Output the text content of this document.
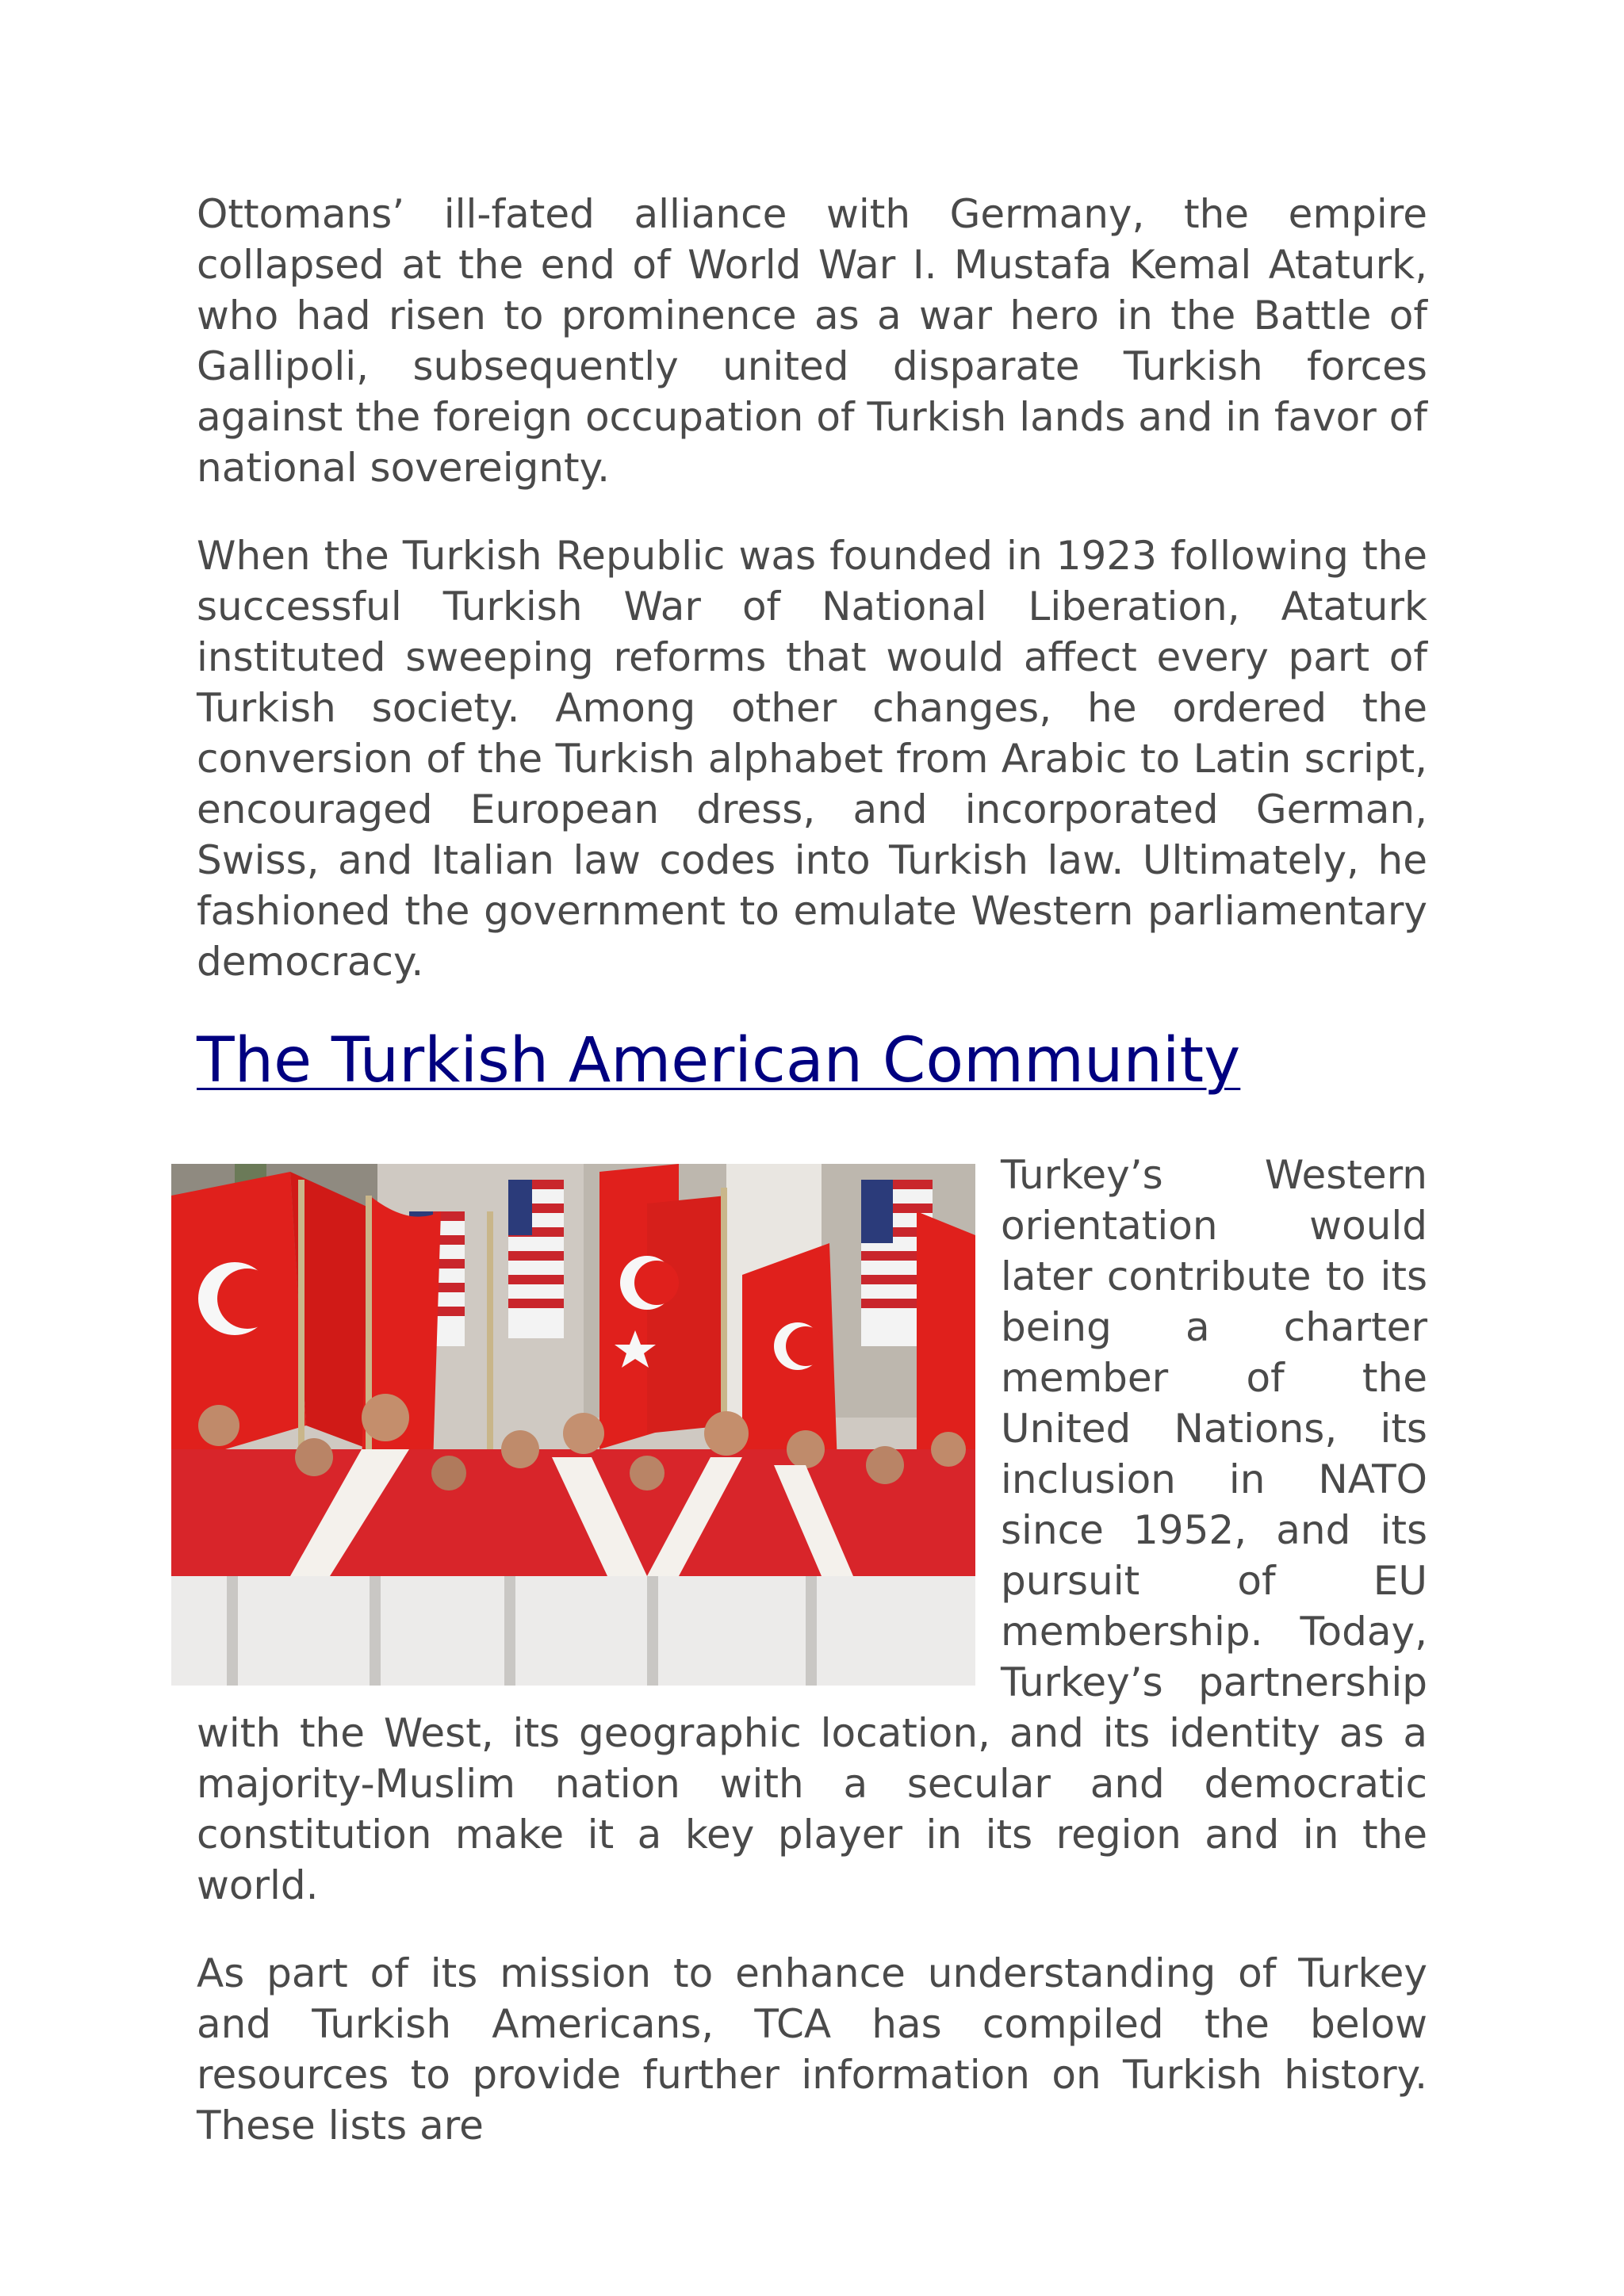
Ottomans’ ill-fated alliance with Germany, the empire collapsed at the end of World War I. Mustafa Kemal Ataturk, who had risen to prominence as a war hero in the Battle of Gallipoli, subsequently united disparate Turkish forces against the foreign occupation of Turkish lands and in favor of national sovereignty.

When the Turkish Republic was founded in 1923 following the successful Turkish War of National Liberation, Ataturk instituted sweeping reforms that would affect every part of Turkish society. Among other changes, he ordered the conversion of the Turkish alphabet from Arabic to Latin script, encouraged European dress, and incorporated German, Swiss, and Italian law codes into Turkish law. Ultimately, he fashioned the government to emulate Western parliamentary democracy.

The Turkish American Community

Turkey’s Western orientation would later contribute to its being a charter member of the United Nations, its inclusion in NATO since 1952, and its pursuit of EU membership. Today, Turkey’s partnership with the West, its geographic location, and its identity as a majority-Muslim nation with a secular and democratic constitution make it a key player in its region and in the world.

As part of its mission to enhance understanding of Turkey and Turkish Americans, TCA has compiled the below resources to provide further information on Turkish history. These lists are
